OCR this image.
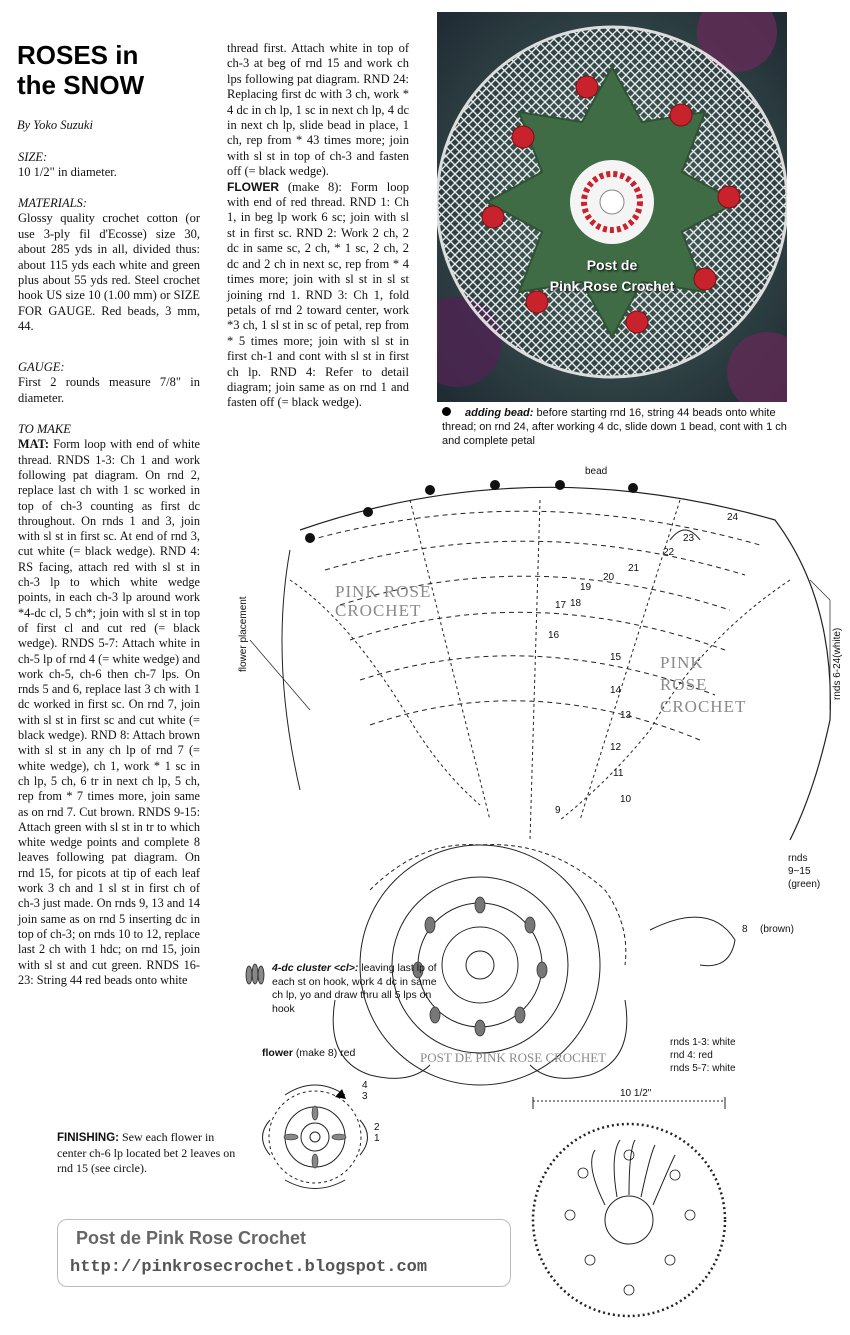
ROSES in
the SNOW
By Yoko Suzuki
SIZE:
10 1/2" in diameter.
MATERIALS:
Glossy quality crochet cotton (or use 3-ply fil d'Ecosse) size 30, about 285 yds in all, divided thus: about 115 yds each white and green plus about 55 yds red. Steel crochet hook US size 10 (1.00 mm) or SIZE FOR GAUGE. Red beads, 3 mm, 44.
GAUGE:
First 2 rounds measure 7/8" in diameter.
TO MAKE
MAT: Form loop with end of white thread. RNDS 1-3: Ch 1 and work following pat diagram. On rnd 2, replace last ch with 1 sc worked in top of ch-3 counting as first dc throughout. On rnds 1 and 3, join with sl st in first sc. At end of rnd 3, cut white (= black wedge). RND 4: RS facing, attach red with sl st in ch-3 lp to which white wedge points, in each ch-3 lp around work *4-dc cl, 5 ch*; join with sl st in top of first cl and cut red (= black wedge). RNDS 5-7: Attach white in ch-5 lp of rnd 4 (= white wedge) and work ch-5, ch-6 then ch-7 lps. On rnds 5 and 6, replace last 3 ch with 1 dc worked in first sc. On rnd 7, join with sl st in first sc and cut white (= black wedge). RND 8: Attach brown with sl st in any ch lp of rnd 7 (= white wedge), ch 1, work * 1 sc in ch lp, 5 ch, 6 tr in next ch lp, 5 ch, rep from * 7 times more, join same as on rnd 7. Cut brown. RNDS 9-15: Attach green with sl st in tr to which white wedge points and complete 8 leaves following pat diagram. On rnd 15, for picots at tip of each leaf work 3 ch and 1 sl st in first ch of ch-3 just made. On rnds 9, 13 and 14 join same as on rnd 5 inserting dc in top of ch-3; on rnds 10 to 12, replace last 2 ch with 1 hdc; on rnd 15, join with sl st and cut green. RNDS 16-23: String 44 red beads onto white
thread first. Attach white in top of ch-3 at beg of rnd 15 and work ch lps following pat diagram. RND 24: Replacing first dc with 3 ch, work * 4 dc in ch lp, 1 sc in next ch lp, 4 dc in next ch lp, slide bead in place, 1 ch, rep from * 43 times more; join with sl st in top of ch-3 and fasten off (= black wedge).
FLOWER (make 8): Form loop with end of red thread. RND 1: Ch 1, in beg lp work 6 sc; join with sl st in first sc. RND 2: Work 2 ch, 2 dc in same sc, 2 ch, * 1 sc, 2 ch, 2 dc and 2 ch in next sc, rep from * 4 times more; join with sl st in sl st joining rnd 1. RND 3: Ch 1, fold petals of rnd 2 toward center, work *3 ch, 1 sl st in sc of petal, rep from * 5 times more; join with sl st in first ch-1 and cont with sl st in first ch lp. RND 4: Refer to detail diagram; join same as on rnd 1 and fasten off (= black wedge).
Post de
Pink Rose Crochet
adding bead: before starting rnd 16, string 44 beads onto white thread; on rnd 24, after working 4 dc, slide down 1 bead, cont with 1 ch and complete petal
bead
flower placement	rnds 6-24(white)
rnds
9~15
(green)
8 (brown)
PINK ROSE
CROCHET
PINK
ROSE
CROCHET
POST DE PINK ROSE CROCHET
24
23
22
21
20
19
18
17
16
15
14
13
12
11
10
9
rnds 1-3: white
rnd 4: red
rnds 5-7: white
4-dc cluster <cl>: leaving last lp of each st on hook, work 4 dc in same ch lp, yo and draw thru all 5 lps on hook
flower (make 8) red
4
3
2
1
FINISHING: Sew each flower in center ch-6 lp located bet 2 leaves on rnd 15 (see circle).
10 1/2"
Post de Pink Rose Crochet
http://pinkrosecrochet.blogspot.com
